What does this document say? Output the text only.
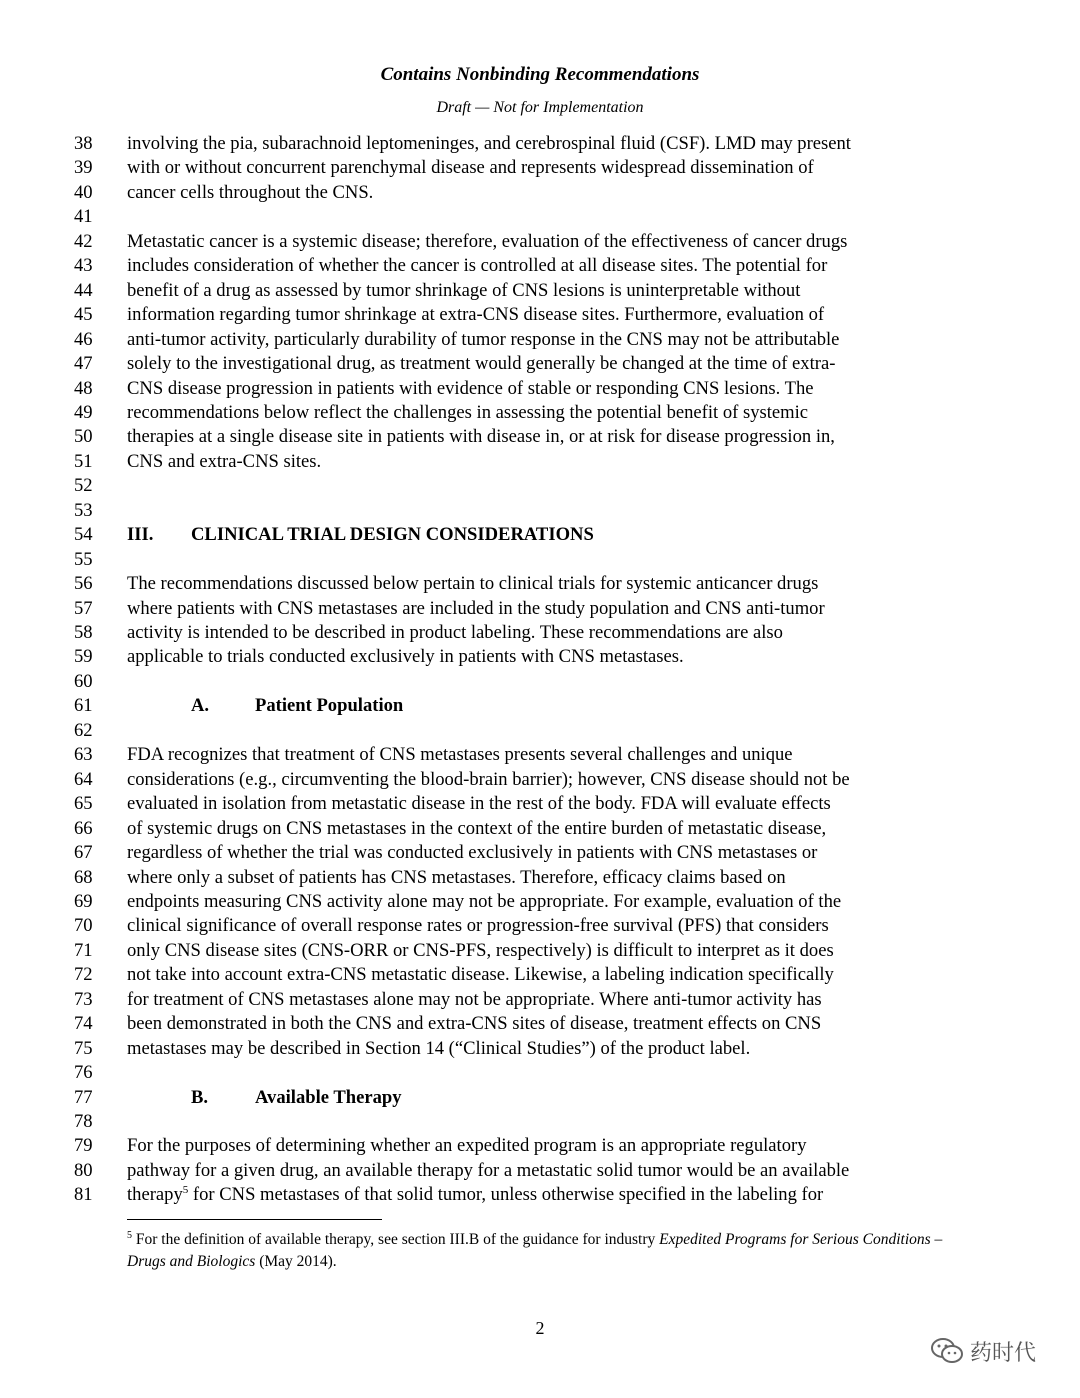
Contains Nonbinding Recommendations
Draft — Not for Implementation
38 involving the pia, subarachnoid leptomeninges, and cerebrospinal fluid (CSF). LMD may present
39 with or without concurrent parenchymal disease and represents widespread dissemination of
40 cancer cells throughout the CNS.
41
42 Metastatic cancer is a systemic disease; therefore, evaluation of the effectiveness of cancer drugs
43 includes consideration of whether the cancer is controlled at all disease sites. The potential for
44 benefit of a drug as assessed by tumor shrinkage of CNS lesions is uninterpretable without
45 information regarding tumor shrinkage at extra-CNS disease sites. Furthermore, evaluation of
46 anti-tumor activity, particularly durability of tumor response in the CNS may not be attributable
47 solely to the investigational drug, as treatment would generally be changed at the time of extra-
48 CNS disease progression in patients with evidence of stable or responding CNS lesions. The
49 recommendations below reflect the challenges in assessing the potential benefit of systemic
50 therapies at a single disease site in patients with disease in, or at risk for disease progression in,
51 CNS and extra-CNS sites.
52
53
54 III. CLINICAL TRIAL DESIGN CONSIDERATIONS
55
56 The recommendations discussed below pertain to clinical trials for systemic anticancer drugs
57 where patients with CNS metastases are included in the study population and CNS anti-tumor
58 activity is intended to be described in product labeling. These recommendations are also
59 applicable to trials conducted exclusively in patients with CNS metastases.
60
61	A. Patient Population
62
63 FDA recognizes that treatment of CNS metastases presents several challenges and unique
64 considerations (e.g., circumventing the blood-brain barrier); however, CNS disease should not be
65 evaluated in isolation from metastatic disease in the rest of the body. FDA will evaluate effects
66 of systemic drugs on CNS metastases in the context of the entire burden of metastatic disease,
67 regardless of whether the trial was conducted exclusively in patients with CNS metastases or
68 where only a subset of patients has CNS metastases. Therefore, efficacy claims based on
69 endpoints measuring CNS activity alone may not be appropriate. For example, evaluation of the
70 clinical significance of overall response rates or progression-free survival (PFS) that considers
71 only CNS disease sites (CNS-ORR or CNS-PFS, respectively) is difficult to interpret as it does
72 not take into account extra-CNS metastatic disease. Likewise, a labeling indication specifically
73 for treatment of CNS metastases alone may not be appropriate. Where anti-tumor activity has
74 been demonstrated in both the CNS and extra-CNS sites of disease, treatment effects on CNS
75 metastases may be described in Section 14 (“Clinical Studies”) of the product label.
76
77	B.	Available Therapy
78
79 For the purposes of determining whether an expedited program is an appropriate regulatory
80 pathway for a given drug, an available therapy for a metastatic solid tumor would be an available
81 therapy$^5$ for CNS metastases of that solid tumor, unless otherwise specified in the labeling for
$^5$ For the definition of available therapy, see section III.B of the guidance for industry Expedited Programs for Serious Conditions – Drugs and Biologics (May 2014).
2
药时代
